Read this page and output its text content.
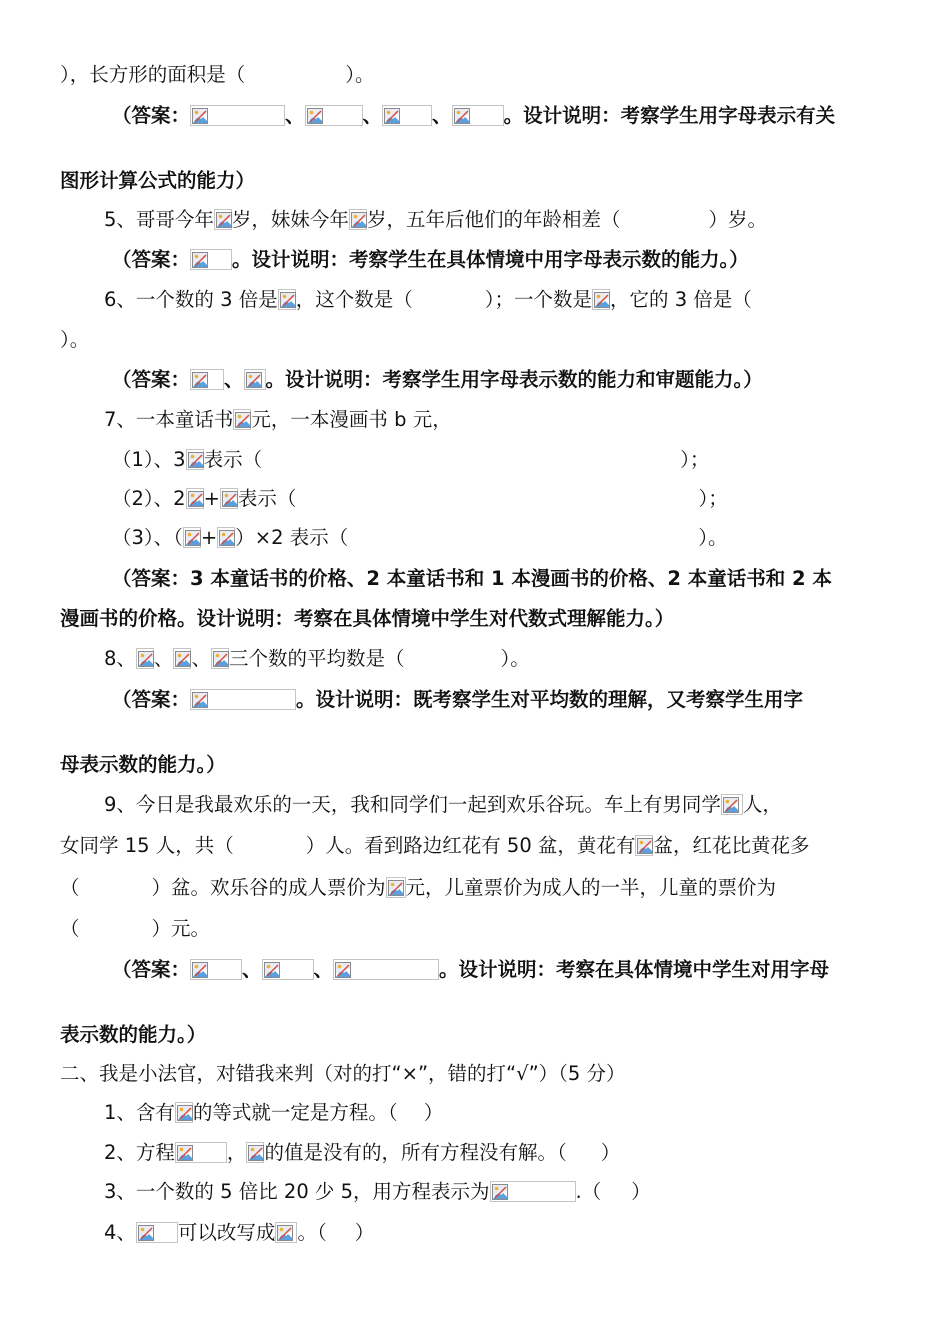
），长方形的面积是（	）。
（答案：	、	、	、	。设计说明：考察学生用字母表示有关
图形计算公式的能力）
5、哥哥今年 岁，妹妹今年 岁，五年后他们的年龄相差（	）岁。
（答案： 。设计说明：考察学生在具体情境中用字母表示数的能力。）
6、一个数的 3 倍是 ，这个数是（	）；一个数是 ，它的 3 倍是（
）。
（答案： 、 。设计说明：考察学生用字母表示数的能力和审题能力。）
7、一本童话书 元，一本漫画书 b 元，
（1）、3 表示（	）；
（2）、2 + 表示（	）；
（3）、（ + ）×2 表示（	）。
（答案：3 本童话书的价格、2 本童话书和 1 本漫画书的价格、2 本童话书和 2 本
漫画书的价格。设计说明：考察在具体情境中学生对代数式理解能力。）
8、 、 、 三个数的平均数是（	）。
（答案：	。设计说明：既考察学生对平均数的理解，又考察学生用字
母表示数的能力。）
9、今日是我最欢乐的一天，我和同学们一起到欢乐谷玩。车上有男同学 人，
女同学 15 人，共（	）人。看到路边红花有 50 盆，黄花有 盆，红花比黄花多
（	）盆。欢乐谷的成人票价为 元，儿童票价为成人的一半，儿童的票价为
（	）元。
（答案：	、	、	。设计说明：考察在具体情境中学生对用字母
表示数的能力。）
二、我是小法官，对错我来判（对的打“×”，错的打“√”）（5 分）
1、含有 的等式就一定是方程。（ ）
2、方程	， 的值是没有的，所有方程没有解。（ ）
3、一个数的 5 倍比 20 少 5，用方程表示为	.（ ）
4、 可以改写成 。（ ）
